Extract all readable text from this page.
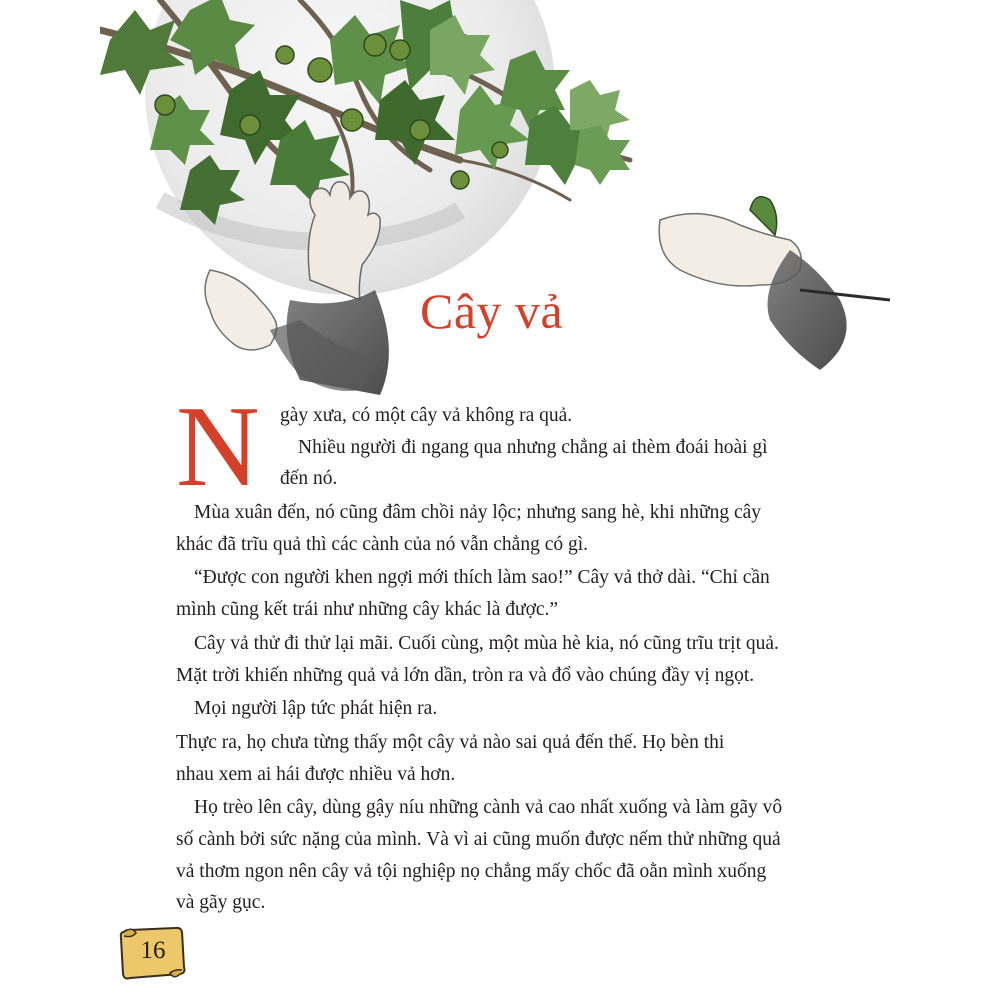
Cây vả
N	gày xưa, có một cây vả không ra quả.
Nhiều người đi ngang qua nhưng chẳng ai thèm đoái hoài gì
đến nó.
Mùa xuân đến, nó cũng đâm chồi nảy lộc; nhưng sang hè, khi những cây
khác đã trĩu quả thì các cành của nó vẫn chẳng có gì.
“Được con người khen ngợi mới thích làm sao!” Cây vả thở dài. “Chỉ cần
mình cũng kết trái như những cây khác là được.”
Cây vả thử đi thử lại mãi. Cuối cùng, một mùa hè kia, nó cũng trĩu trịt quả.
Mặt trời khiến những quả vả lớn dần, tròn ra và đổ vào chúng đầy vị ngọt.
Mọi người lập tức phát hiện ra.
Thực ra, họ chưa từng thấy một cây vả nào sai quả đến thế. Họ bèn thi
nhau xem ai hái được nhiều vả hơn.
Họ trèo lên cây, dùng gậy níu những cành vả cao nhất xuống và làm gãy vô
số cành bởi sức nặng của mình. Và vì ai cũng muốn được nếm thử những quả
vả thơm ngon nên cây vả tội nghiệp nọ chẳng mấy chốc đã oằn mình xuống
và gãy gục.
16
